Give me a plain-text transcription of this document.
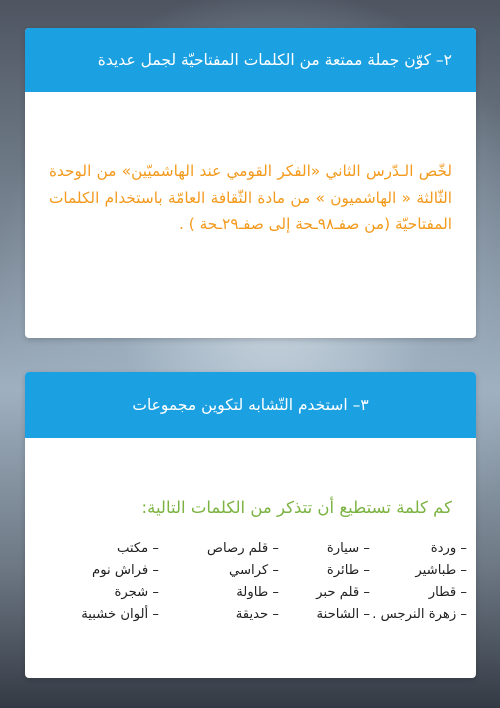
٢– كوّن جملة ممتعة من الكلمات المفتاحيّة لجمل عديدة
لخّص الـدّرس الثاني «الفكر القومي عند الهاشميّين» من الوحدة الثّالثة « الهاشميون » من مادة الثّقافة العامّة باستخدام الكلمات المفتاحيّة (من صفـ٩٨ـحة إلى صفـ٢٩ـحة ) .
٣– استخدم التّشابه لتكوين مجموعات
كم كلمة تستطيع أن تتذكر من الكلمات التالية:
– وردة
– طباشير
– قطار
– زهرة النرجس .
– سيارة
– طائرة
– قلم حبر
– الشاحنة
– قلم رصاص
– كراسي
– طاولة
– حديقة
– مكتب
– فراش نوم
– شجرة
– ألوان خشبية
